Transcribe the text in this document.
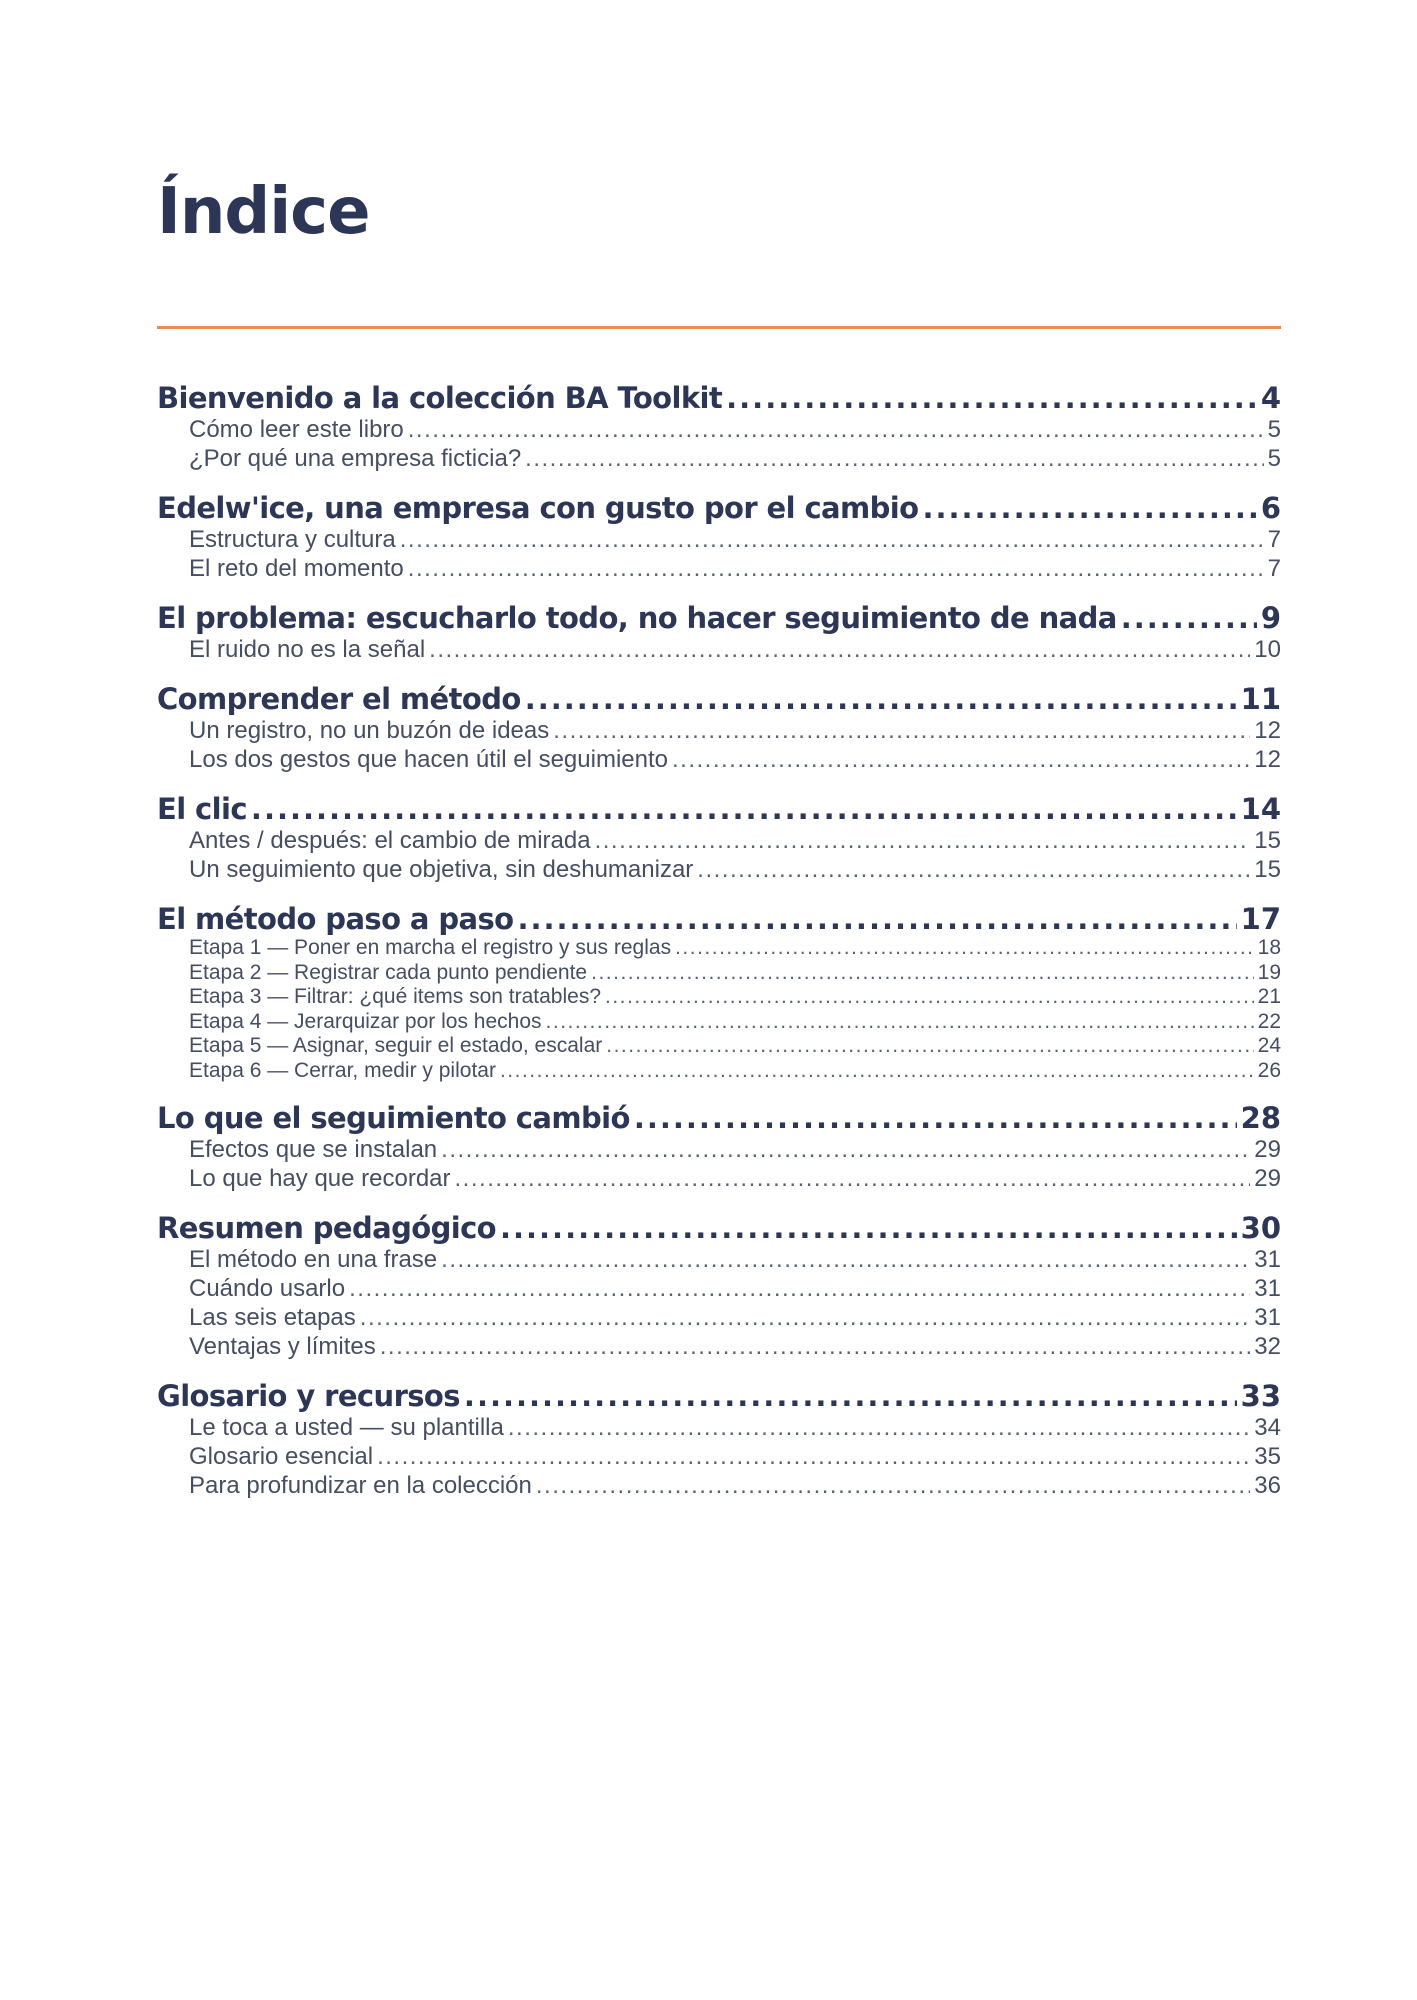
Índice
Bienvenido a la colección BA Toolkit .....	4
Cómo leer este libro .....	5
¿Por qué una empresa ficticia? .....	5
Edelw'ice, una empresa con gusto por el cambio .....	6
Estructura y cultura .....	7
El reto del momento .....	7
El problema: escucharlo todo, no hacer seguimiento de nada .....	9
El ruido no es la señal .....	10
Comprender el método .....	11
Un registro, no un buzón de ideas .....	12
Los dos gestos que hacen útil el seguimiento .....	12
El clic .....	14
Antes / después: el cambio de mirada .....	15
Un seguimiento que objetiva, sin deshumanizar .....	15
El método paso a paso .....	17
Etapa 1 — Poner en marcha el registro y sus reglas .....	18
Etapa 2 — Registrar cada punto pendiente .....	19
Etapa 3 — Filtrar: ¿qué items son tratables? .....	21
Etapa 4 — Jerarquizar por los hechos .....	22
Etapa 5 — Asignar, seguir el estado, escalar .....	24
Etapa 6 — Cerrar, medir y pilotar .....	26
Lo que el seguimiento cambió .....	28
Efectos que se instalan .....	29
Lo que hay que recordar .....	29
Resumen pedagógico .....	30
El método en una frase .....	31
Cuándo usarlo .....	31
Las seis etapas .....	31
Ventajas y límites .....	32
Glosario y recursos .....	33
Le toca a usted — su plantilla .....	34
Glosario esencial .....	35
Para profundizar en la colección .....	36
